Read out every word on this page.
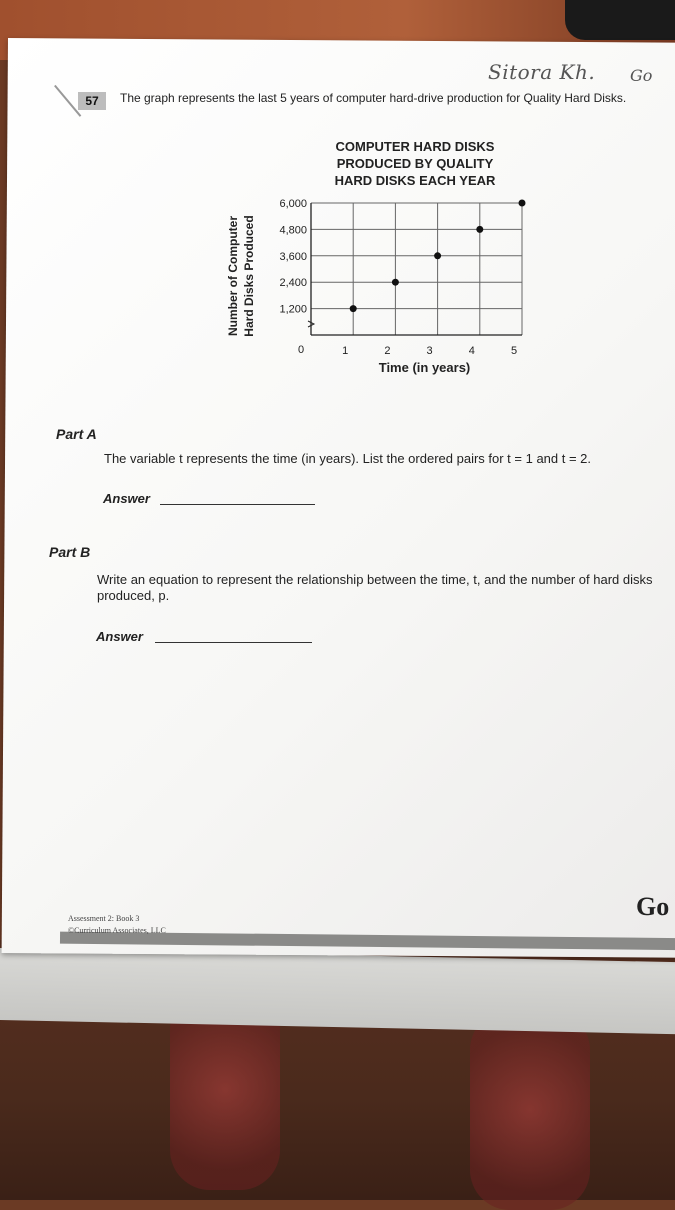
Sitora Kh. Go
57	The graph represents the last 5 years of computer hard-drive production for Quality Hard Disks.
COMPUTER HARD DISKS
PRODUCED BY QUALITY
HARD DISKS EACH YEAR
1,200
2,400
3,600
4,800
6,000
1	2	3	4	5
0
Time (in years)
Number of Computer Hard Disks Produced
Part A
The variable t represents the time (in years). List the ordered pairs for t = 1 and t = 2.
Answer
Part B
Write an equation to represent the relationship between the time, t, and the number of hard disks produced, p.
Answer
Assessment 2: Book 3
©Curriculum Associates, LLC
Go
